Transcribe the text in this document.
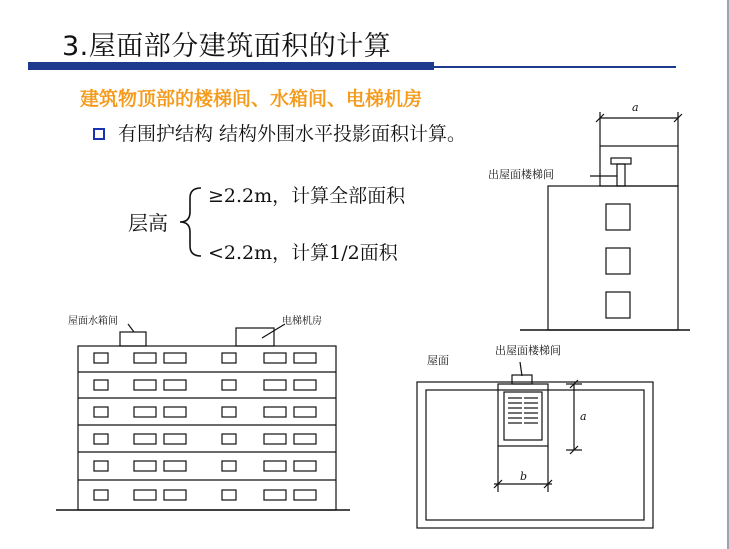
3.屋面部分建筑面积的计算
建筑物顶部的楼梯间、水箱间、电梯机房
有围护结构 结构外围水平投影面积计算。
层高
≥2.2m，计算全部面积
<2.2m，计算1/2面积
出屋面楼梯间
a
屋面水箱间	电梯机房
屋面
出屋面楼梯间
a
b
